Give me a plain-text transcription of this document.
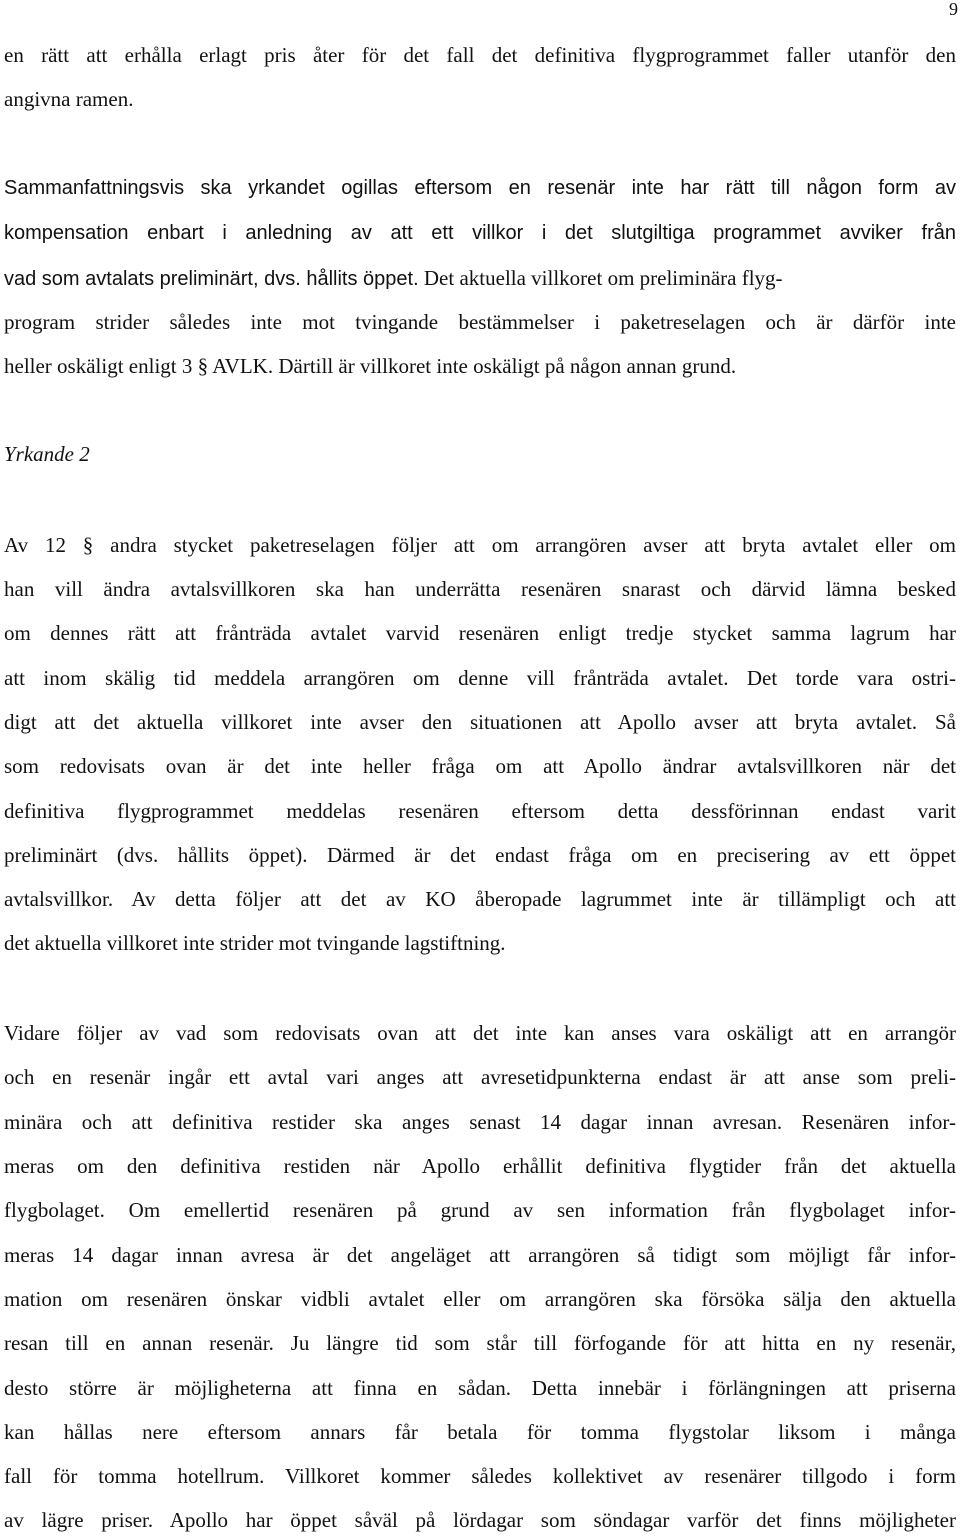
9
en rätt att erhålla erlagt pris åter för det fall det definitiva flygprogrammet faller utanför den
angivna ramen.
Sammanfattningsvis ska yrkandet ogillas eftersom en resenär inte har rätt till någon form av
kompensation enbart i anledning av att ett villkor i det slutgiltiga programmet avviker från
vad som avtalats preliminärt, dvs. hållits öppet. Det aktuella villkoret om preliminära flyg-
program strider således inte mot tvingande bestämmelser i paketreselagen och är därför inte
heller oskäligt enligt 3 § AVLK. Därtill är villkoret inte oskäligt på någon annan grund.
Yrkande 2
Av 12 § andra stycket paketreselagen följer att om arrangören avser att bryta avtalet eller om
han vill ändra avtalsvillkoren ska han underrätta resenären snarast och därvid lämna besked
om dennes rätt att frånträda avtalet varvid resenären enligt tredje stycket samma lagrum har
att inom skälig tid meddela arrangören om denne vill frånträda avtalet. Det torde vara ostri-
digt att det aktuella villkoret inte avser den situationen att Apollo avser att bryta avtalet. Så
som redovisats ovan är det inte heller fråga om att Apollo ändrar avtalsvillkoren när det
definitiva flygprogrammet meddelas resenären eftersom detta dessförinnan endast varit
preliminärt (dvs. hållits öppet). Därmed är det endast fråga om en precisering av ett öppet
avtalsvillkor. Av detta följer att det av KO åberopade lagrummet inte är tillämpligt och att
det aktuella villkoret inte strider mot tvingande lagstiftning.
Vidare följer av vad som redovisats ovan att det inte kan anses vara oskäligt att en arrangör
och en resenär ingår ett avtal vari anges att avresetidpunkterna endast är att anse som preli-
minära och att definitiva restider ska anges senast 14 dagar innan avresan. Resenären infor-
meras om den definitiva restiden när Apollo erhållit definitiva flygtider från det aktuella
flygbolaget. Om emellertid resenären på grund av sen information från flygbolaget infor-
meras 14 dagar innan avresa är det angeläget att arrangören så tidigt som möjligt får infor-
mation om resenären önskar vidbli avtalet eller om arrangören ska försöka sälja den aktuella
resan till en annan resenär. Ju längre tid som står till förfogande för att hitta en ny resenär,
desto större är möjligheterna att finna en sådan. Detta innebär i förlängningen att priserna
kan hållas nere eftersom annars får betala för tomma flygstolar liksom i många
fall för tomma hotellrum. Villkoret kommer således kollektivet av resenärer tillgodo i form
av lägre priser. Apollo har öppet såväl på lördagar som söndagar varför det finns möjligheter
